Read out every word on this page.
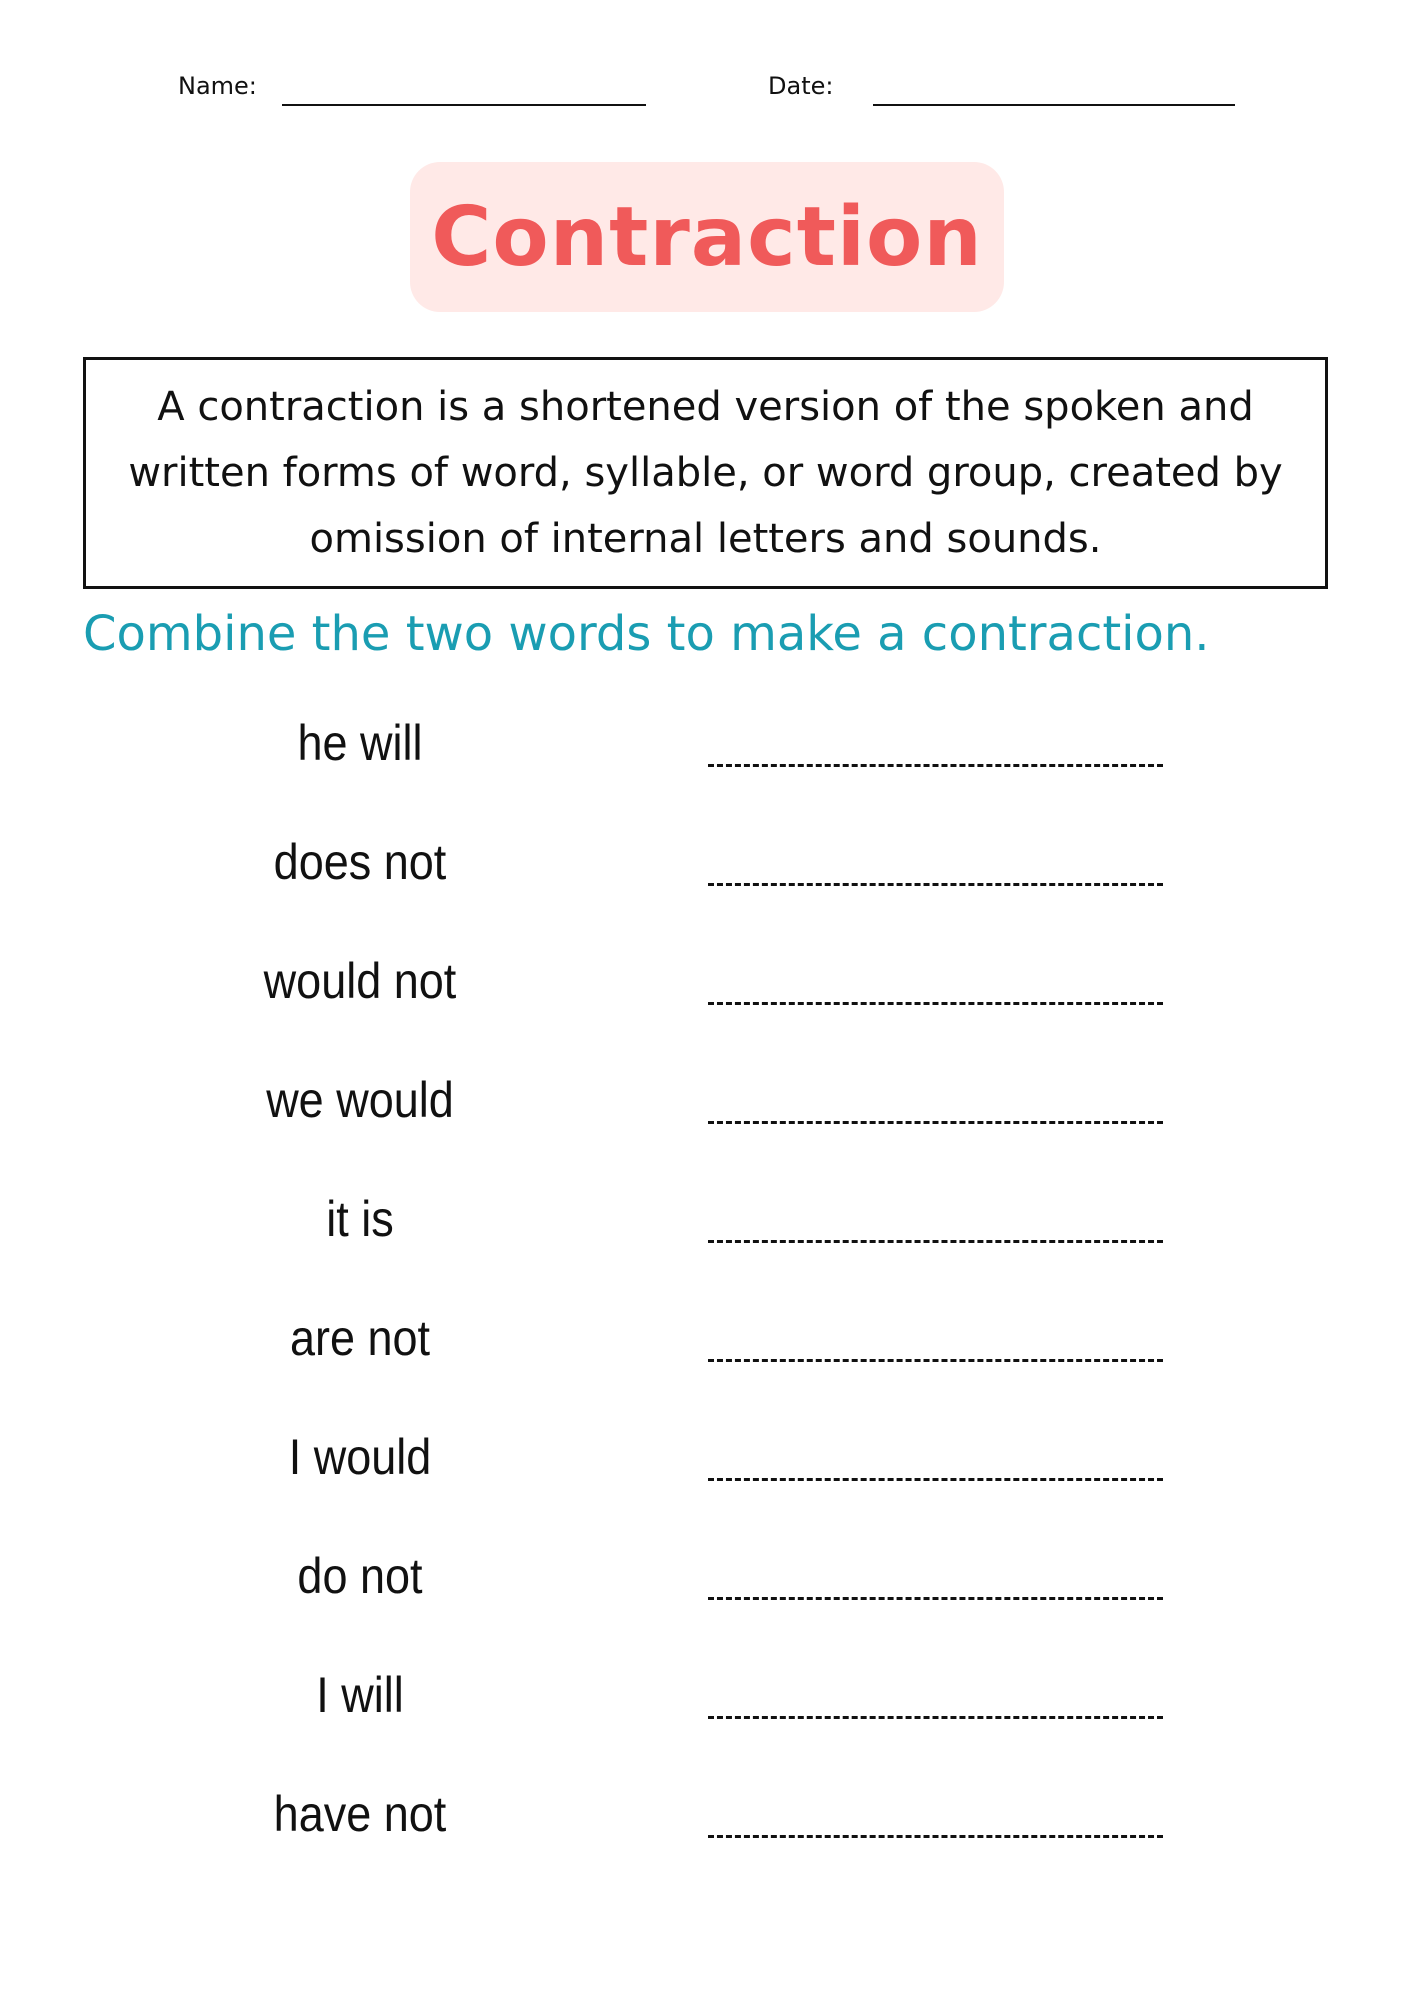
Name:	Date:
Contraction
A contraction is a shortened version of the spoken and written forms of word, syllable, or word group, created by omission of internal letters and sounds.
Combine the two words to make a contraction.
he will
does not
would not
we would
it is
are not
I would
do not
I will
have not
